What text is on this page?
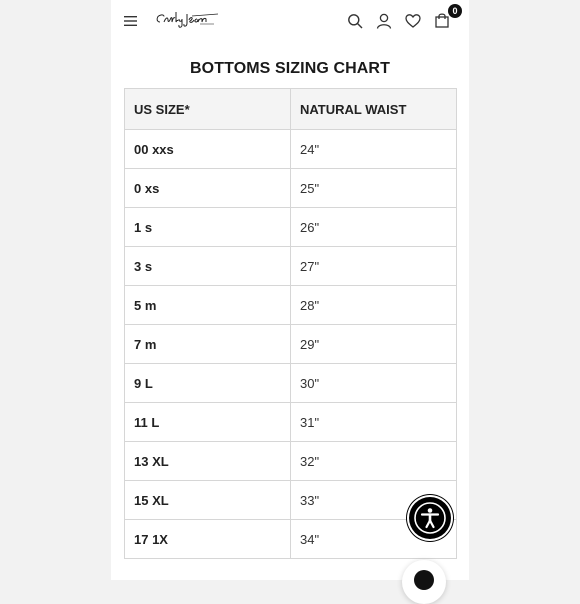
0
BOTTOMS SIZING CHART
US SIZE*	NATURAL WAIST
00 xxs	24"
0 xs	25"
1 s	26"
3 s	27"
5 m	28"
7 m	29"
9 L	30"
11 L	31"
13 XL	32"
15 XL	33"
17 1X	34"
